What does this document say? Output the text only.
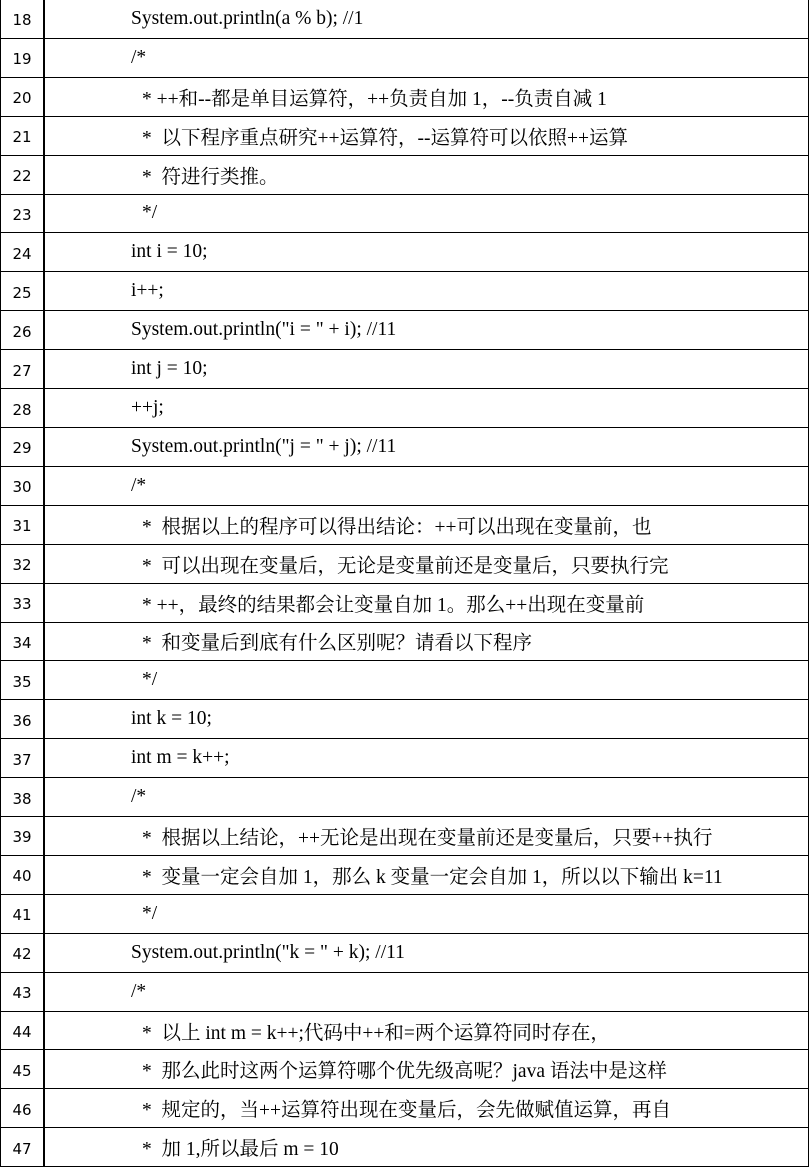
18	System.out.println(a % b); //1
19	/*
20	* ++和--都是单目运算符，++负责自加 1，--负责自减 1
21	*  以下程序重点研究++运算符，--运算符可以依照++运算
22	*  符进行类推。
23	*/
24	int i = 10;
25	i++;
26	System.out.println("i = " + i); //11
27	int j = 10;
28	++j;
29	System.out.println("j = " + j); //11
30	/*
31	*  根据以上的程序可以得出结论：++可以出现在变量前，也
32	*  可以出现在变量后，无论是变量前还是变量后，只要执行完
33	* ++，最终的结果都会让变量自加 1。那么++出现在变量前
34	*  和变量后到底有什么区别呢？请看以下程序
35	*/
36	int k = 10;
37	int m = k++;
38	/*
39	*  根据以上结论，++无论是出现在变量前还是变量后，只要++执行
40	*  变量一定会自加 1，那么 k 变量一定会自加 1，所以以下输出 k=11
41	*/
42	System.out.println("k = " + k); //11
43	/*
44	*  以上 int m = k++;代码中++和=两个运算符同时存在，
45	*  那么此时这两个运算符哪个优先级高呢？java 语法中是这样
46	*  规定的，当++运算符出现在变量后，会先做赋值运算，再自
47	*  加 1,所以最后 m = 10
